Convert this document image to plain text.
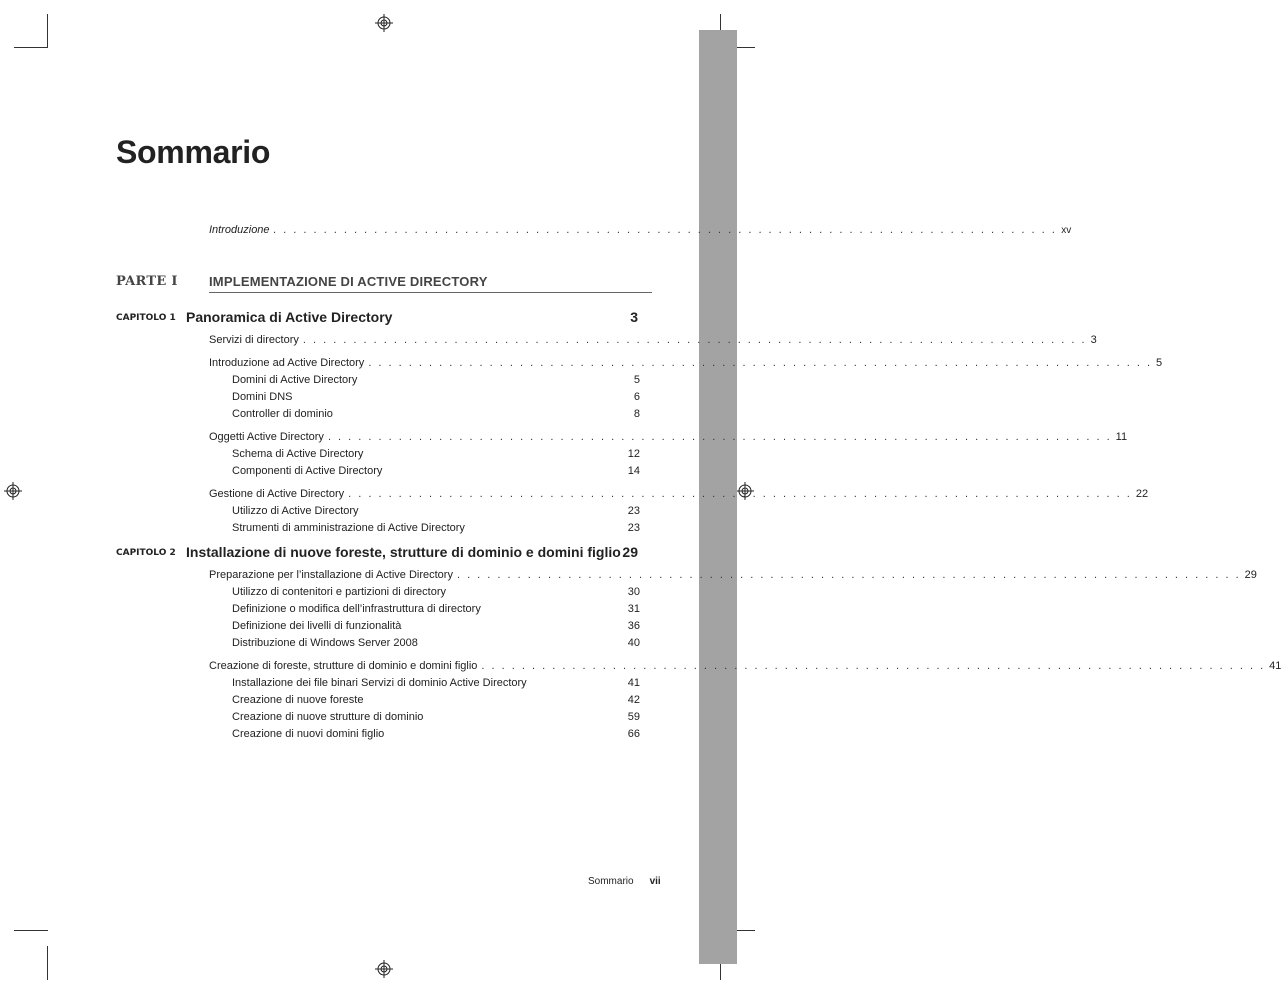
Sommario
Introduzione . . . . . . . . . . . . . . . . . . . . . . . . . . . . . . . . . . . . . . . . . . . . . . . . . . . . . . . . . . . . . . . . . . . . . . . . . . . . . . xv
PARTE I IMPLEMENTAZIONE DI ACTIVE DIRECTORY
CAPITOLO 1 Panoramica di Active Directory	3
Servizi di directory . . . . . . . . . . . . . . . . . . . . . . . . . . . . . . . . . . . . . . . . . . . . . . . . . . . . . . . . . . . . . . . . . . . . . . . . . . . . . . 3
Introduzione ad Active Directory . . . . . . . . . . . . . . . . . . . . . . . . . . . . . . . . . . . . . . . . . . . . . . . . . . . . . . . . . . . . . . . . . . . . . . . . . . . . . . 5
Domini di Active Directory	5
Domini DNS	6
Controller di dominio	8
Oggetti Active Directory . . . . . . . . . . . . . . . . . . . . . . . . . . . . . . . . . . . . . . . . . . . . . . . . . . . . . . . . . . . . . . . . . . . . . . . . . . . . . . 11
Schema di Active Directory	12
Componenti di Active Directory	14
Gestione di Active Directory . . . . . . . . . . . . . . . . . . . . . . . . . . . . . . . . . . . . . . . . . . . . . . . . . . . . . . . . . . . . . . . . . . . . . . . . . . . . . . 22
Utilizzo di Active Directory	23
Strumenti di amministrazione di Active Directory	23
CAPITOLO 2 Installazione di nuove foreste, strutture di dominio e domini figlio 29
Preparazione per l’installazione di Active Directory . . . . . . . . . . . . . . . . . . . . . . . . . . . . . . . . . . . . . . . . . . . . . . . . . . . . . . . . . . . . . . . . . . . . . . . . . . . . . . 29
Utilizzo di contenitori e partizioni di directory	30
Definizione o modifica dell’infrastruttura di directory	31
Definizione dei livelli di funzionalità	36
Distribuzione di Windows Server 2008	40
Creazione di foreste, strutture di dominio e domini figlio . . . . . . . . . . . . . . . . . . . . . . . . . . . . . . . . . . . . . . . . . . . . . . . . . . . . . . . . . . . . . . . . . . . . . . . . . . . . . . 41
Installazione dei file binari Servizi di dominio Active Directory	41
Creazione di nuove foreste	42
Creazione di nuove strutture di dominio	59
Creazione di nuovi domini figlio	66
Sommario vii
